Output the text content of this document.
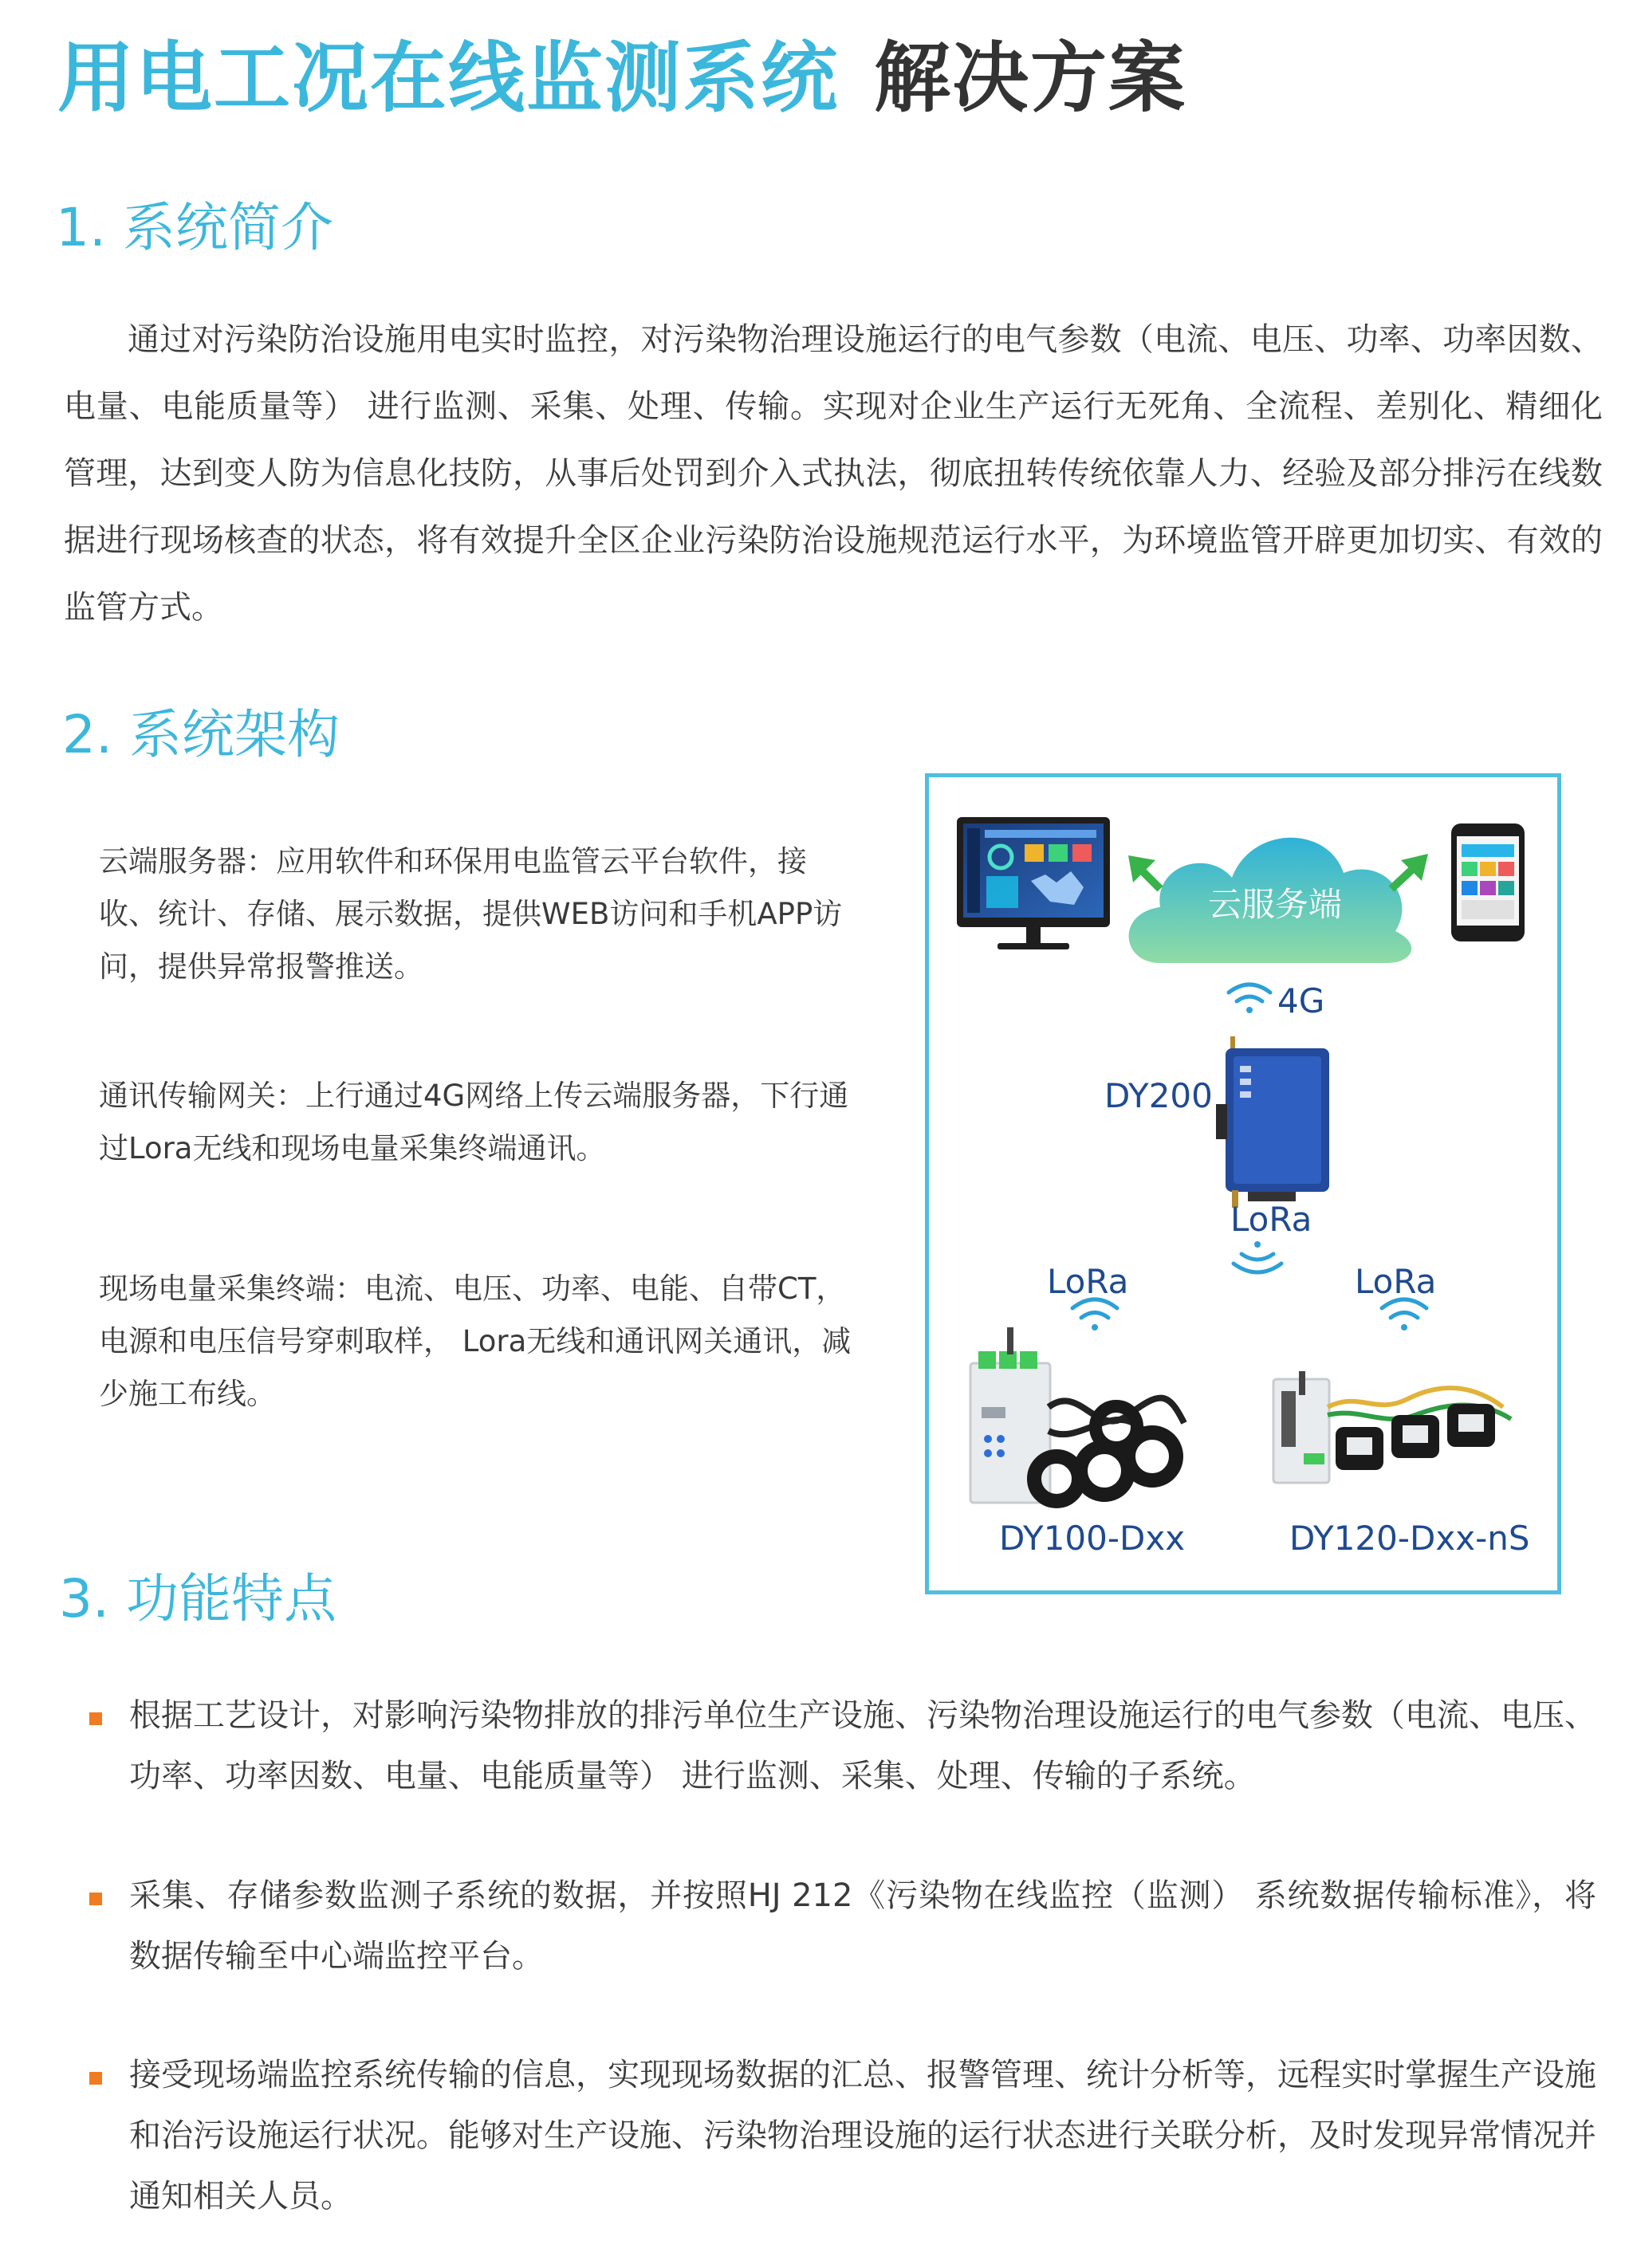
用电工况在线监测系统 解决方案
1. 系统简介
通过对污染防治设施用电实时监控，对污染物治理设施运行的电气参数（电流、电压、功率、功率因数、电量、电能质量等） 进行监测、采集、处理、传输。实现对企业生产运行无死角、全流程、差别化、精细化管理，达到变人防为信息化技防，从事后处罚到介入式执法，彻底扭转传统依靠人力、经验及部分排污在线数据进行现场核查的状态，将有效提升全区企业污染防治设施规范运行水平，为环境监管开辟更加切实、有效的监管方式。
2. 系统架构
云端服务器：应用软件和环保用电监管云平台软件，接收、统计、存储、展示数据，提供WEB访问和手机APP访问，提供异常报警推送。
通讯传输网关：上行通过4G网络上传云端服务器，下行通过Lora无线和现场电量采集终端通讯。
现场电量采集终端：电流、电压、功率、电能、自带CT，电源和电压信号穿刺取样， Lora无线和通讯网关通讯，减少施工布线。
云服务端
4G
DY200
LoRa
LoRa	LoRa
DY100-Dxx	DY120-Dxx-nS
3. 功能特点
根据工艺设计，对影响污染物排放的排污单位生产设施、污染物治理设施运行的电气参数（电流、电压、功率、功率因数、电量、电能质量等） 进行监测、采集、处理、传输的子系统。
采集、存储参数监测子系统的数据，并按照HJ 212《污染物在线监控（监测） 系统数据传输标准》，将数据传输至中心端监控平台。
接受现场端监控系统传输的信息，实现现场数据的汇总、报警管理、统计分析等，远程实时掌握生产设施和治污设施运行状况。能够对生产设施、污染物治理设施的运行状态进行关联分析，及时发现异常情况并通知相关人员。
